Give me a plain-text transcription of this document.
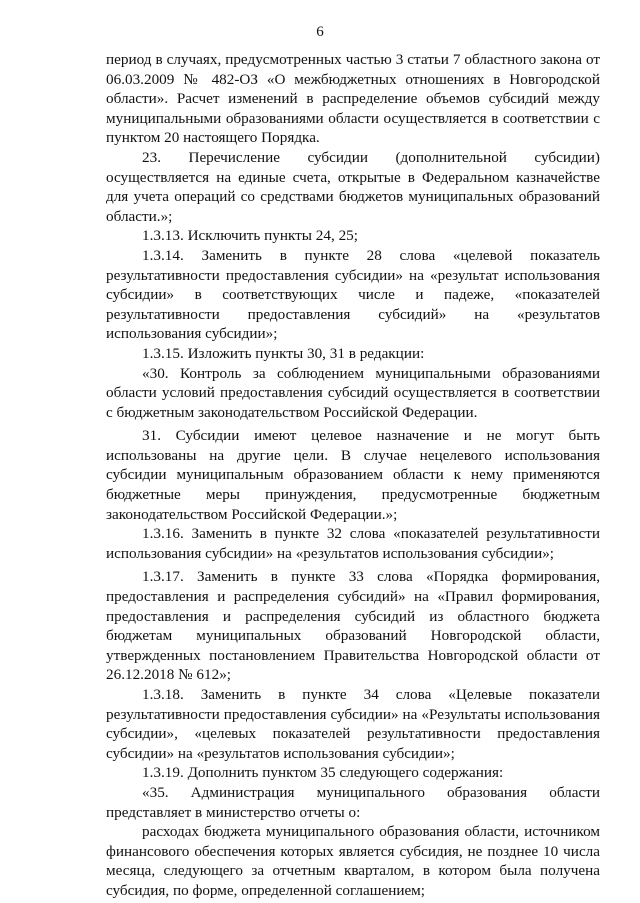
6

период в случаях, предусмотренных частью 3 статьи 7 областного закона от 06.03.2009 № 482-ОЗ «О межбюджетных отношениях в Новгородской области». Расчет изменений в распределение объемов субсидий между муниципальными образованиями области осуществляется в соответствии с пунктом 20 настоящего Порядка.

23. Перечисление субсидии (дополнительной субсидии) осуществляется на единые счета, открытые в Федеральном казначействе для учета операций со средствами бюджетов муниципальных образований области.»;

1.3.13. Исключить пункты 24, 25;

1.3.14. Заменить в пункте 28 слова «целевой показатель результативности предоставления субсидии» на «результат использования субсидии» в соответствующих числе и падеже, «показателей результативности предоставления субсидий» на «результатов использования субсидии»;

1.3.15. Изложить пункты 30, 31 в редакции:

«30. Контроль за соблюдением муниципальными образованиями области условий предоставления субсидий осуществляется в соответствии с бюджетным законодательством Российской Федерации.

31. Субсидии имеют целевое назначение и не могут быть использованы на другие цели. В случае нецелевого использования субсидии муниципальным образованием области к нему применяются бюджетные меры принуждения, предусмотренные бюджетным законодательством Российской Федерации.»;

1.3.16. Заменить в пункте 32 слова «показателей результативности использования субсидии» на «результатов использования субсидии»;

1.3.17. Заменить в пункте 33 слова «Порядка формирования, предоставления и распределения субсидий» на «Правил формирования, предоставления и распределения субсидий из областного бюджета бюджетам муниципальных образований Новгородской области, утвержденных постановлением Правительства Новгородской области от 26.12.2018 № 612»;

1.3.18. Заменить в пункте 34 слова «Целевые показатели результативности предоставления субсидии» на «Результаты использования субсидии», «целевых показателей результативности предоставления субсидии» на «результатов использования субсидии»;

1.3.19. Дополнить пунктом 35 следующего содержания:

«35. Администрация муниципального образования области представляет в министерство отчеты о:

расходах бюджета муниципального образования области, источником финансового обеспечения которых является субсидия, не позднее 10 числа месяца, следующего за отчетным кварталом, в котором была получена субсидия, по форме, определенной соглашением;
